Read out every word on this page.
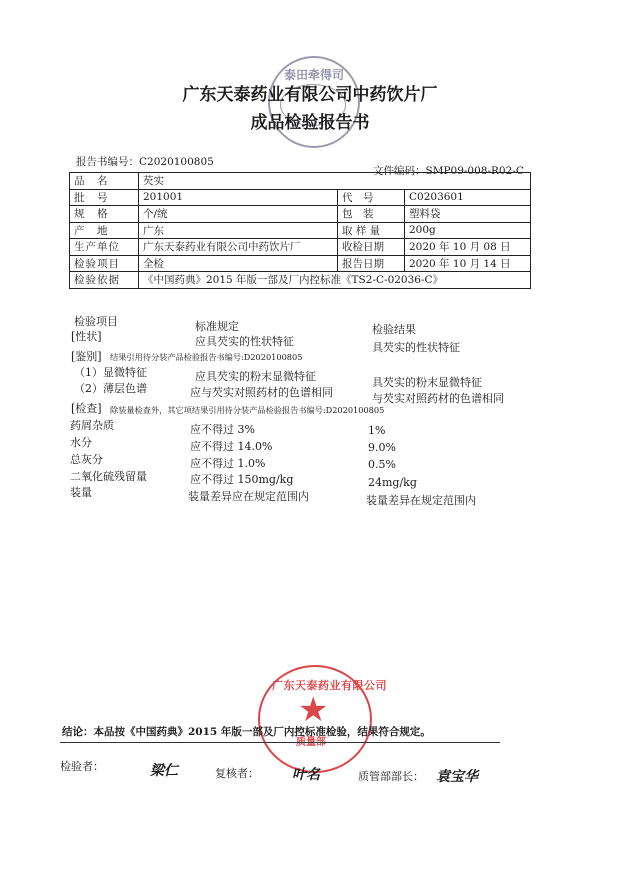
泰田牵得司
广东天泰药业有限公司中药饮片厂
成品检验报告书
报告书编号：C2020100805
文件编码：SMP09-008-R02-C
品　名	芡实		
批　号	201001	代　号	C0203601
规　格	个/统	包　装	塑料袋
产　地	广东	取 样 量	200g
生产单位	广东天泰药业有限公司中药饮片厂	收检日期	2020 年 10 月 08 日
检验项目	全检	报告日期	2020 年 10 月 14 日
检验依据	《中国药典》2015 年版一部及厂内控标准《TS2-C-02036-C》		
检验项目	标准规定	检验结果
[性状]	应具芡实的性状特征	具芡实的性状特征
[鉴别] 结果引用待分装产品检验报告书编号:D2020100805
（1）显微特征	应具芡实的粉末显微特征	具芡实的粉末显微特征
（2）薄层色谱	应与芡实对照药材的色谱相同	与芡实对照药材的色谱相同
[检查] 除装量检查外，其它项结果引用待分装产品检验报告书编号:D2020100805
药屑杂质	应不得过 3%	1%
水分	应不得过 14.0%	9.0%
总灰分	应不得过 1.0%	0.5%
二氧化硫残留量	应不得过 150mg/kg	24mg/kg
装量	装量差异应在规定范围内	装量差异在规定范围内
广东天泰药业有限公司
★
质量部
结论：本品按《中国药典》2015 年版一部及厂内控标准检验，结果符合规定。
检验者：	梁仁	复核者： 叶名	质管部部长： 袁宝华
